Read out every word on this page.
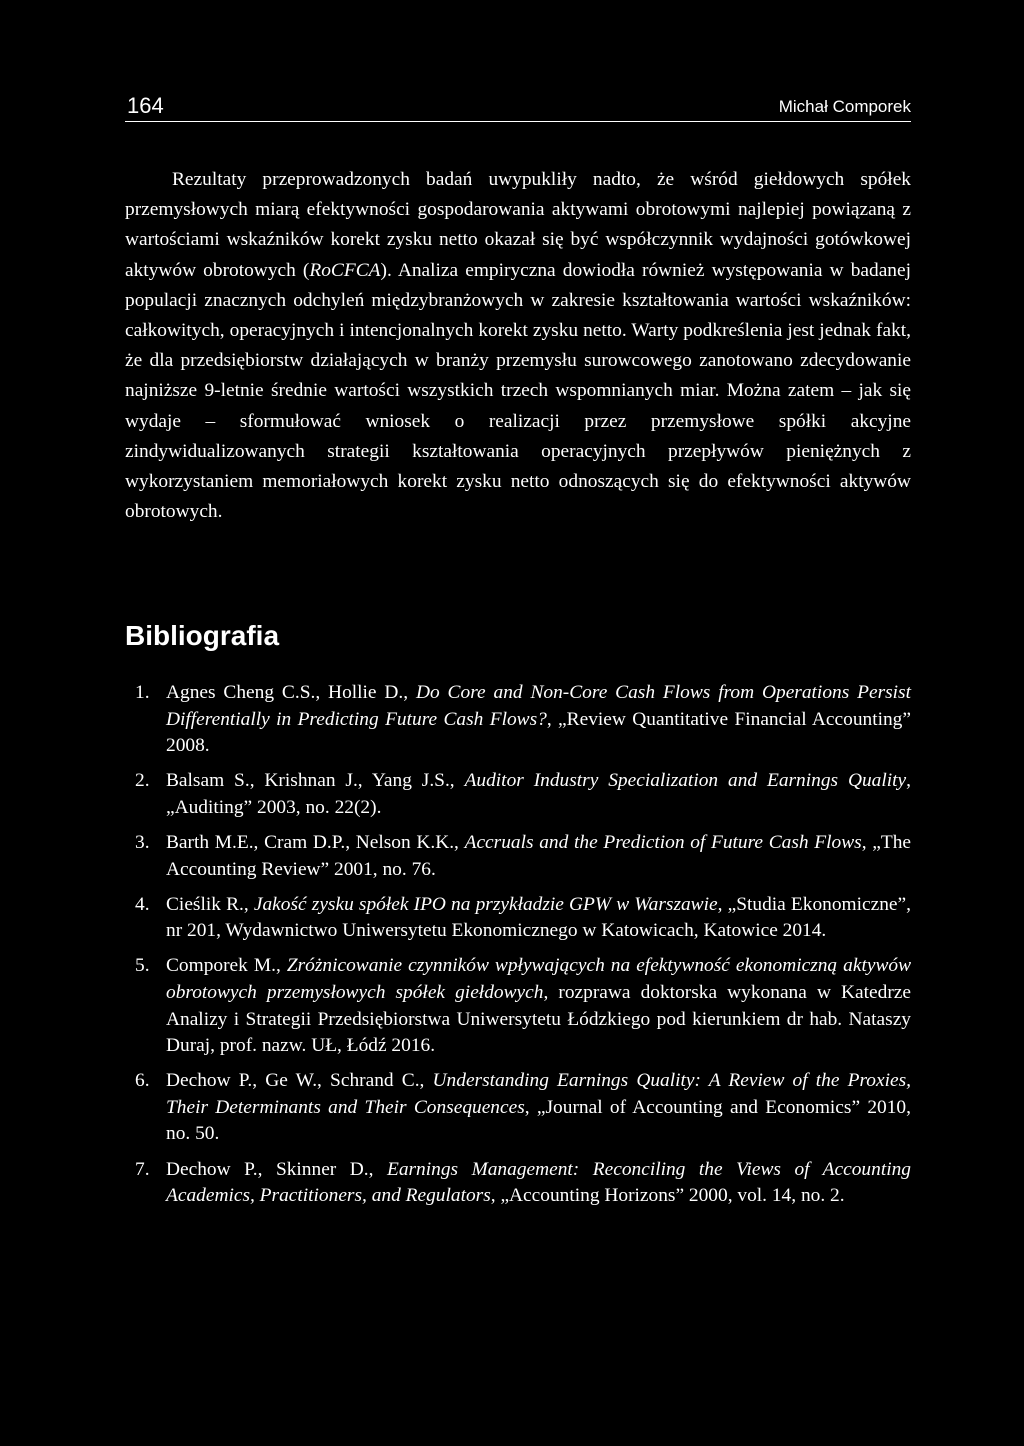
164	Michał Comporek

Rezultaty przeprowadzonych badań uwypukliły nadto, że wśród giełdowych spółek przemysłowych miarą efektywności gospodarowania aktywami obrotowymi najlepiej powiązaną z wartościami wskaźników korekt zysku netto okazał się być współczynnik wydajności gotówkowej aktywów obrotowych (RoCFCA). Analiza empiryczna dowiodła również występowania w badanej populacji znacznych odchyleń międzybranżowych w zakresie kształtowania wartości wskaźników: całkowitych, operacyjnych i intencjonalnych korekt zysku netto. Warty podkreślenia jest jednak fakt, że dla przedsiębiorstw działających w branży przemysłu surowcowego zanotowano zdecydowanie najniższe 9-letnie średnie wartości wszystkich trzech wspomnianych miar. Można zatem – jak się wydaje – sformułować wniosek o realizacji przez przemysłowe spółki akcyjne zindywidualizowanych strategii kształtowania operacyjnych przepływów pieniężnych z wykorzystaniem memoriałowych korekt zysku netto odnoszących się do efektywności aktywów obrotowych.

Bibliografia
1. Agnes Cheng C.S., Hollie D., Do Core and Non-Core Cash Flows from Operations Persist Differentially in Predicting Future Cash Flows?, „Review Quantitative Financial Accounting” 2008.
2. Balsam S., Krishnan J., Yang J.S., Auditor Industry Specialization and Earnings Quality, „Auditing” 2003, no. 22(2).
3. Barth M.E., Cram D.P., Nelson K.K., Accruals and the Prediction of Future Cash Flows, „The Accounting Review” 2001, no. 76.
4. Cieślik R., Jakość zysku spółek IPO na przykładzie GPW w Warszawie, „Studia Ekonomiczne”, nr 201, Wydawnictwo Uniwersytetu Ekonomicznego w Katowicach, Katowice 2014.
5. Comporek M., Zróżnicowanie czynników wpływających na efektywność ekonomiczną aktywów obrotowych przemysłowych spółek giełdowych, rozprawa doktorska wykonana w Katedrze Analizy i Strategii Przedsiębiorstwa Uniwersytetu Łódzkiego pod kierunkiem dr hab. Nataszy Duraj, prof. nazw. UŁ, Łódź 2016.
6. Dechow P., Ge W., Schrand C., Understanding Earnings Quality: A Review of the Proxies, Their Determinants and Their Consequences, „Journal of Accounting and Economics” 2010, no. 50.
7. Dechow P., Skinner D., Earnings Management: Reconciling the Views of Accounting Academics, Practitioners, and Regulators, „Accounting Horizons” 2000, vol. 14, no. 2.
